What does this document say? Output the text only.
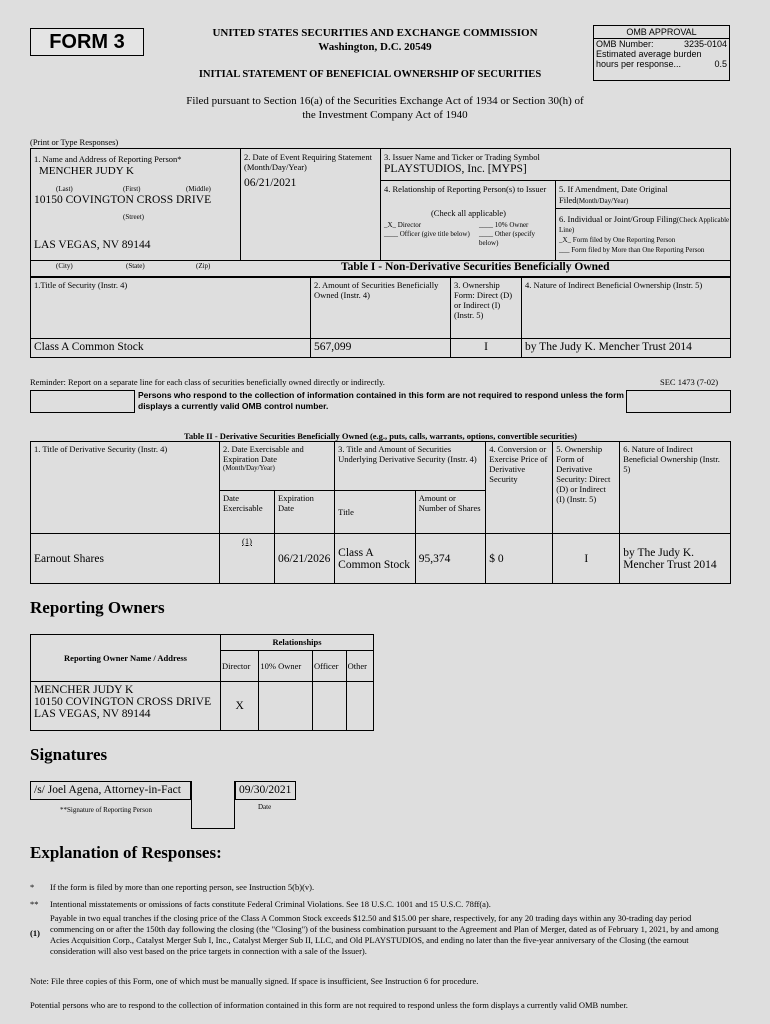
FORM 3	UNITED STATES SECURITIES AND EXCHANGE COMMISSION
Washington, D.C. 20549
INITIAL STATEMENT OF BENEFICIAL OWNERSHIP OF SECURITIES
OMB APPROVAL
OMB Number:	3235-0104
Estimated average burden
hours per response...	0.5
Filed pursuant to Section 16(a) of the Securities Exchange Act of 1934 or Section 30(h) of
the Investment Company Act of 1940
(Print or Type Responses)
1. Name and Address of Reporting Person*
MENCHER JUDY K
(Last)	(First)	(Middle)
10150 COVINGTON CROSS DRIVE
(Street)
LAS VEGAS, NV 89144
2. Date of Event Requiring Statement (Month/Day/Year)
06/21/2021
3. Issuer Name and Ticker or Trading Symbol
PLAYSTUDIOS, Inc. [MYPS]
4. Relationship of Reporting Person(s) to Issuer
(Check all applicable)
_X_ Director	____ 10% Owner
____ Officer (give title below)	____ Other (specify below)
5. If Amendment, Date Original Filed(Month/Day/Year)
6. Individual or Joint/Group Filing(Check Applicable Line)
_X_ Form filed by One Reporting Person
___ Form filed by More than One Reporting Person
(City)	(State)	(Zip)	Table I - Non-Derivative Securities Beneficially Owned
1.Title of Security (Instr. 4)	2. Amount of Securities Beneficially Owned (Instr. 4)	3. Ownership Form: Direct (D) or Indirect (I) (Instr. 5)	4. Nature of Indirect Beneficial Ownership (Instr. 5)
Class A Common Stock	567,099	I	by The Judy K. Mencher Trust 2014
Reminder: Report on a separate line for each class of securities beneficially owned directly or indirectly.	SEC 1473 (7-02)
Persons who respond to the collection of information contained in this form are not required to respond unless the form displays a currently valid OMB control number.
Table II - Derivative Securities Beneficially Owned (e.g., puts, calls, warrants, options, convertible securities)
1. Title of Derivative Security (Instr. 4)	2. Date Exercisable and Expiration Date
(Month/Day/Year)		3. Title and Amount of Securities Underlying Derivative Security (Instr. 4)		4. Conversion or Exercise Price of Derivative Security	5. Ownership Form of Derivative Security: Direct (D) or Indirect (I) (Instr. 5)	6. Nature of Indirect Beneficial Ownership (Instr. 5)
	Date Exercisable	Expiration Date	Title	Amount or Number of Shares			
Earnout Shares	(1)	06/21/2026	Class A Common Stock	95,374	$ 0	I	by The Judy K. Mencher Trust 2014
Reporting Owners
Reporting Owner Name / Address	Relationships			
	Director	10% Owner	Officer	Other

MENCHER JUDY K
10150 COVINGTON CROSS DRIVE
LAS VEGAS, NV 89144	X			
Signatures
/s/ Joel Agena, Attorney-in-Fact	09/30/2021
**Signature of Reporting Person	Date
Explanation of Responses:
* If the form is filed by more than one reporting person, see Instruction 5(b)(v).
** Intentional misstatements or omissions of facts constitute Federal Criminal Violations. See 18 U.S.C. 1001 and 15 U.S.C. 78ff(a).
(1)
Payable in two equal tranches if the closing price of the Class A Common Stock exceeds $12.50 and $15.00 per share, respectively, for any 20 trading days within any 30-trading day period commencing on or after the 150th day following the closing (the "Closing") of the business combination pursuant to the Agreement and Plan of Merger, dated as of February 1, 2021, by and among Acies Acquisition Corp., Catalyst Merger Sub I, Inc., Catalyst Merger Sub II, LLC, and Old PLAYSTUDIOS, and ending no later than the five-year anniversary of the Closing (the earnout consideration will also vest based on the price targets in connection with a sale of the Issuer).
Note: File three copies of this Form, one of which must be manually signed. If space is insufficient, See Instruction 6 for procedure.
Potential persons who are to respond to the collection of information contained in this form are not required to respond unless the form displays a currently valid OMB number.
